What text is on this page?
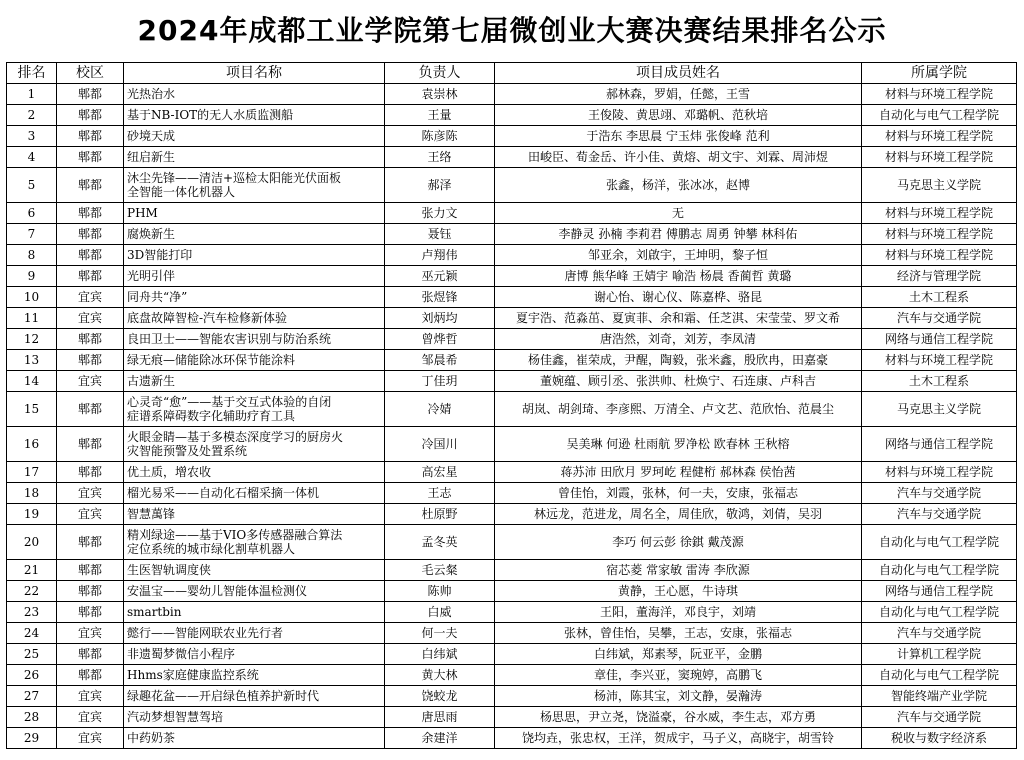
2024年成都工业学院第七届微创业大赛决赛结果排名公示
排名	校区	项目名称	负责人	项目成员姓名	所属学院
1	郫都	光热治水	袁崇林	郝林森，罗娟，任懿，王雪	材料与环境工程学院
2	郫都	基于NB-IOT的无人水质监测船	王量	王俊陵、黄思翊、邓璐帆、范秋培	自动化与电气工程学院
3	郫都	砂境天成	陈彦陈	于浩东 李思晨 宁玉炜 张俊峰 范利	材料与环境工程学院
4	郫都	纽启新生	王络	田峻臣、荀金岳、许小佳、黄熔、胡文宇、刘霖、周沛煜	材料与环境工程学院
5	郫都	沐尘先锋——清洁+巡检太阳能光伏面板
全智能一体化机器人	郝泽	张鑫，杨洋，张冰冰，赵博	马克思主义学院
6	郫都	PHM	张力文	无	材料与环境工程学院
7	郫都	腐焕新生	聂钰	李静灵 孙楠 李莉君 傅鹏志 周勇 钟攀 林科佑	材料与环境工程学院
8	郫都	3D智能打印	卢翔伟	邹亚余，刘啟宇，王坤明，黎子恒	材料与环境工程学院
9	郫都	光明引伴	巫元颖	唐博 熊华峰 王婧宇 喻浩 杨晨 香蔺哲 黄璐	经济与管理学院
10	宜宾	同舟共“净”	张煜锋	谢心怡、谢心仪、陈嘉桦、骆昆	土木工程系
11	宜宾	底盘故障智检-汽车检修新体验	刘炳均	夏宇浩、范淼茁、夏寅菲、余和霜、任芝淇、宋莹莹、罗文希	汽车与交通学院
12	郫都	良田卫士——智能农害识别与防治系统	曾烨哲	唐浩然，刘奇，刘芳，李凤清	网络与通信工程学院
13	郫都	绿无痕—储能除冰环保节能涂料	邹晨希	杨佳鑫，崔荣成，尹醒，陶毅，张米鑫，殷欣冉，田嘉豪	材料与环境工程学院
14	宜宾	古遗新生	丁佳玥	董婉蕴、顾引丞、张洪帅、杜焕宁、石连康、卢科吉	土木工程系
15	郫都	心灵奇“愈”——基于交互式体验的自闭
症谱系障碍数字化辅助疗育工具	冷婧	胡岚、胡剑琦、李彦熙、万清全、卢文艺、范欣怡、范晨尘	马克思主义学院
16	郫都	火眼金睛—基于多模态深度学习的厨房火
灾智能预警及处置系统	冷国川	吴美琳 何逊 杜雨航 罗净松 欧春林 王秋榕	网络与通信工程学院
17	郫都	优土质，增农收	高宏星	蒋苏沛 田欣月 罗珂屹 程健桁 郝林森 侯怡茜	材料与环境工程学院
18	宜宾	榴光易采——自动化石榴采摘一体机	王志	曾佳怡，刘霞，张林，何一夫，安康，张福志	汽车与交通学院
19	宜宾	智慧萬锋	杜原野	林远龙，范进龙，周名全，周佳欣，敬鸿，刘倩，吴羽	汽车与交通学院
20	郫都	精刈绿途——基于VIO多传感器融合算法
定位系统的城市绿化割草机器人	孟冬英	李巧 何云彭 徐錤 戴茂源	自动化与电气工程学院
21	郫都	生医智轨调度侠	毛云粲	宿芯菱 常家敏 雷涛 李欣源	自动化与电气工程学院
22	郫都	安温宝——婴幼儿智能体温检测仪	陈帅	黄静，王心愿，牛诗琪	网络与通信工程学院
23	郫都	smartbin	白威	王阳，董海洋，邓良宇，刘靖	自动化与电气工程学院
24	宜宾	懿行——智能网联农业先行者	何一夫	张林，曾佳怡，吴攀，王志，安康，张福志	汽车与交通学院
25	郫都	非遗蜀梦微信小程序	白纬斌	白纬斌，郑素琴，阮亚平，金鹏	计算机工程学院
26	郫都	Hhms家庭健康监控系统	黄大林	章佳，李兴亚，窦琬婷，高鹏飞	自动化与电气工程学院
27	宜宾	绿趣花盆——开启绿色植养护新时代	饶蛟龙	杨沛，陈其宝，刘文静，晏瀚涛	智能终端产业学院
28	宜宾	汽动梦想智慧驾培	唐思雨	杨思思，尹立尧，饶溢豪，谷水威，李生志，邓方勇	汽车与交通学院
29	宜宾	中药奶茶	余建洋	饶均垚，张忠权，王洋，贺成宇，马子义，高晓宇，胡雪铃	税收与数字经济系
